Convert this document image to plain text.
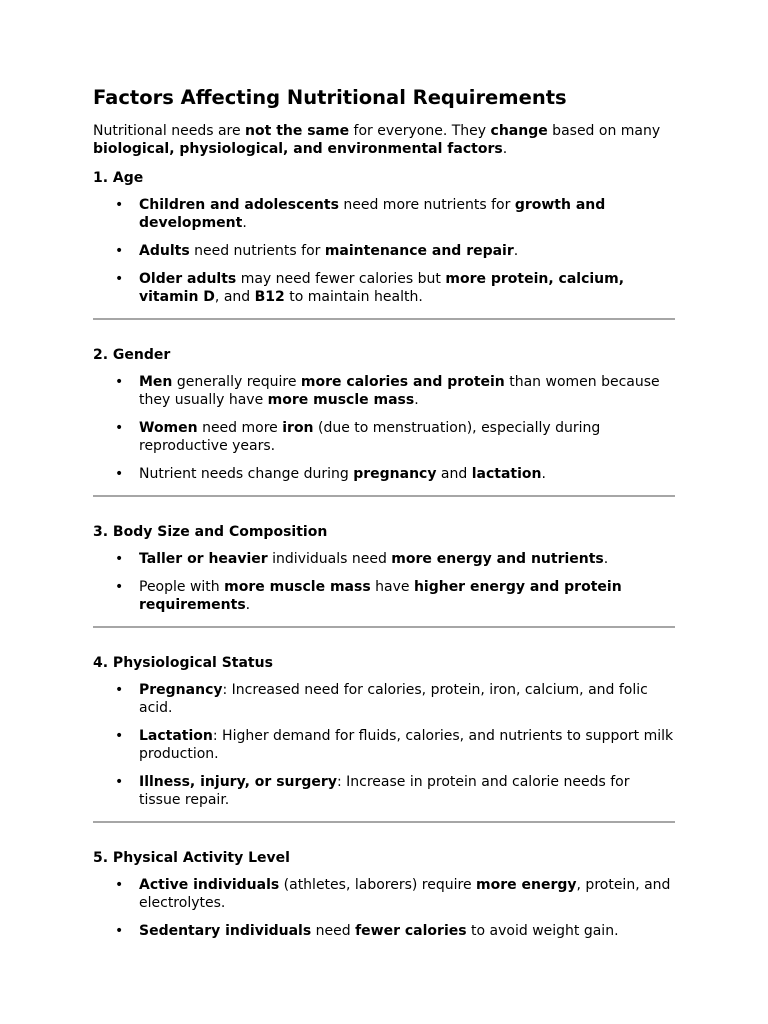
Factors Affecting Nutritional Requirements

Nutritional needs are not the same for everyone. They change based on many biological, physiological, and environmental factors.

1. Age
• Children and adolescents need more nutrients for growth and development.
• Adults need nutrients for maintenance and repair.
• Older adults may need fewer calories but more protein, calcium, vitamin D, and B12 to maintain health.
2. Gender
• Men generally require more calories and protein than women because they usually have more muscle mass.
• Women need more iron (due to menstruation), especially during reproductive years.
• Nutrient needs change during pregnancy and lactation.
3. Body Size and Composition
• Taller or heavier individuals need more energy and nutrients.
• People with more muscle mass have higher energy and protein requirements.
4. Physiological Status
• Pregnancy: Increased need for calories, protein, iron, calcium, and folic acid.
• Lactation: Higher demand for fluids, calories, and nutrients to support milk production.
• Illness, injury, or surgery: Increase in protein and calorie needs for tissue repair.
5. Physical Activity Level
• Active individuals (athletes, laborers) require more energy, protein, and electrolytes.
• Sedentary individuals need fewer calories to avoid weight gain.
